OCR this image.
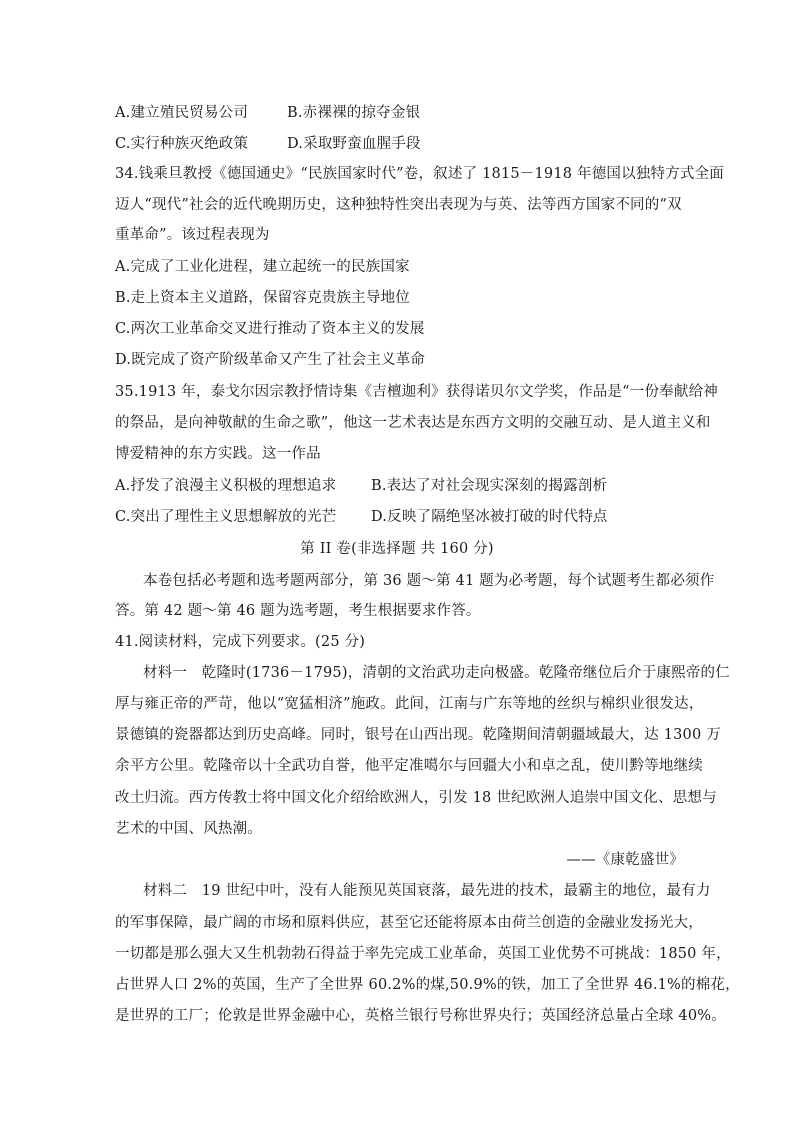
A.建立殖民贸易公司	B.赤裸裸的掠夺金银
C.实行种族灭绝政策	D.采取野蛮血腥手段
34.钱乘旦教授《德国通史》“民族国家时代”卷，叙述了 1815－1918 年德国以独特方式全面
迈人“现代”社会的近代晚期历史，这种独特性突出表现为与英、法等西方国家不同的“双
重革命”。该过程表现为
A.完成了工业化进程，建立起统一的民族国家
B.走上资本主义道路，保留容克贵族主导地位
C.两次工业革命交叉进行推动了资本主义的发展
D.既完成了资产阶级革命又产生了社会主义革命
35.1913 年，泰戈尔因宗教抒情诗集《吉檀迦利》获得诺贝尔文学奖，作品是“一份奉献给神
的祭品，是向神敬献的生命之歌”，他这一艺术表达是东西方文明的交融互动、是人道主义和
博爱精神的东方实践。这一作品
A.抒发了浪漫主义积极的理想追求 B.表达了对社会现实深刻的揭露剖析
C.突出了理性主义思想解放的光芒 D.反映了隔绝坚冰被打破的时代特点
第 II 卷(非选择题 共 160 分)
本卷包括必考题和选考题两部分，第 36 题～第 41 题为必考题，每个试题考生都必须作
答。第 42 题～第 46 题为选考题，考生根据要求作答。
41.阅读材料，完成下列要求。(25 分)
材料一　乾隆时(1736－1795)，清朝的文治武功走向极盛。乾隆帝继位后介于康熙帝的仁
厚与雍正帝的严苛，他以“宽猛相济”施政。此间，江南与广东等地的丝织与棉织业很发达，
景德镇的瓷器都达到历史高峰。同时，银号在山西出现。乾隆期间清朝疆域最大，达 1300 万
余平方公里。乾隆帝以十全武功自誉，他平定准噶尔与回疆大小和卓之乱，使川黔等地继续
改土归流。西方传教士将中国文化介绍给欧洲人，引发 18 世纪欧洲人追崇中国文化、思想与
艺术的中国、风热潮。
——《康乾盛世》
材料二　19 世纪中叶，没有人能预见英国衰落，最先进的技术，最霸主的地位，最有力
的军事保障，最广阔的市场和原料供应，甚至它还能将原本由荷兰创造的金融业发扬光大，
一切都是那么强大又生机勃勃石得益于率先完成工业革命，英国工业优势不可挑战：1850 年，
占世界人口 2%的英国，生产了全世界 60.2%的煤,50.9%的铁，加工了全世界 46.1%的棉花，
是世界的工厂；伦敦是世界金融中心，英格兰银行号称世界央行；英国经济总量占全球 40%。
